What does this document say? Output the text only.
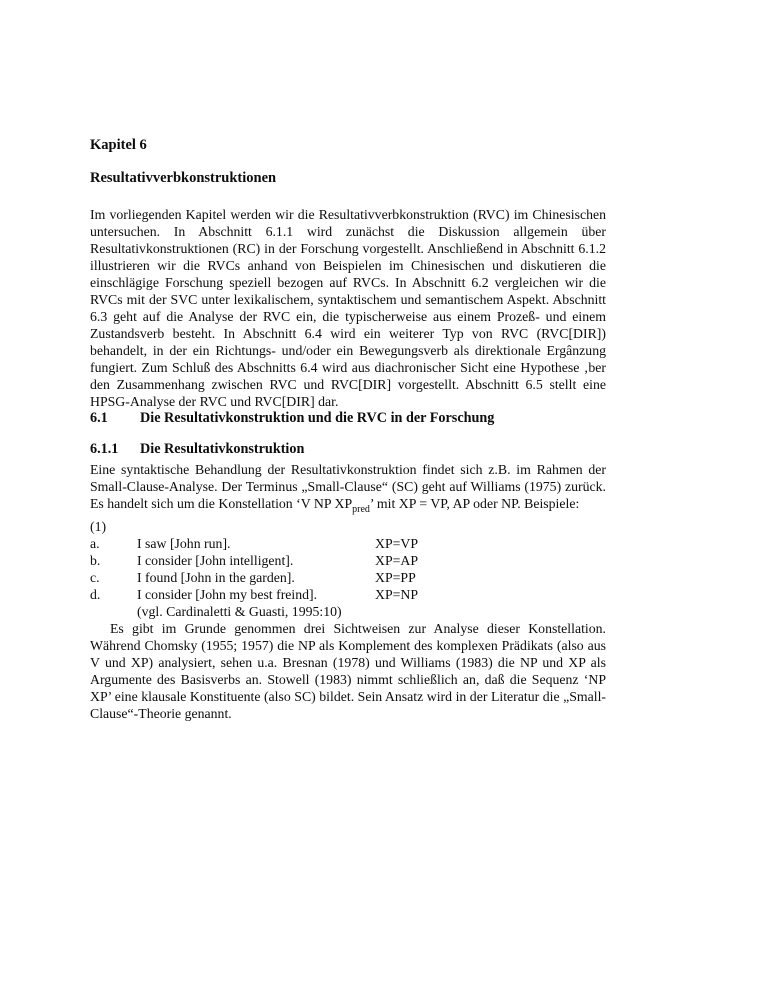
Kapitel 6
Resultativverbkonstruktionen

Im vorliegenden Kapitel werden wir die Resultativverbkonstruktion (RVC) im Chinesischen untersuchen. In Abschnitt 6.1.1 wird zunächst die Diskussion allgemein über Resultativkonstruktionen (RC) in der Forschung vorgestellt. Anschließend in Abschnitt 6.1.2 illustrieren wir die RVCs anhand von Beispielen im Chinesischen und diskutieren die einschlägige Forschung speziell bezogen auf RVCs. In Abschnitt 6.2 vergleichen wir die RVCs mit der SVC unter lexikalischem, syntaktischem und semantischem Aspekt. Abschnitt 6.3 geht auf die Analyse der RVC ein, die typischerweise aus einem Prozeß- und einem Zustandsverb besteht. In Abschnitt 6.4 wird ein weiterer Typ von RVC (RVC[DIR]) behandelt, in der ein Richtungs- und/oder ein Bewegungsverb als direktionale Ergânzung fungiert. Zum Schluß des Abschnitts 6.4 wird aus diachronischer Sicht eine Hypothese ‚ber den Zusammenhang zwischen RVC und RVC[DIR] vorgestellt. Abschnitt 6.5 stellt eine HPSG-Analyse der RVC und RVC[DIR] dar.

6.1	Die Resultativkonstruktion und die RVC in der Forschung
6.1.1	Die Resultativkonstruktion

Eine syntaktische Behandlung der Resultativkonstruktion findet sich z.B. im Rahmen der Small-Clause-Analyse. Der Terminus „Small-Clause“ (SC) geht auf Williams (1975) zurück. Es handelt sich um die Konstellation ‘V NP $XP_{pred}$’ mit XP = VP, AP oder NP. Beispiele:

(1)
a.	I saw [John run].	XP=VP
b.	I consider [John intelligent].	XP=AP
c.	I found [John in the garden].	XP=PP
d.	I consider [John my best freind].	XP=NP
(vgl. Cardinaletti & Guasti, 1995:10)

Es gibt im Grunde genommen drei Sichtweisen zur Analyse dieser Konstellation. Während Chomsky (1955; 1957) die NP als Komplement des komplexen Prädikats (also aus V und XP) analysiert, sehen u.a. Bresnan (1978) und Williams (1983) die NP und XP als Argumente des Basisverbs an. Stowell (1983) nimmt schließlich an, daß die Sequenz ‘NP XP’ eine klausale Konstituente (also SC) bildet. Sein Ansatz wird in der Literatur die „Small-Clause“-Theorie genannt.
